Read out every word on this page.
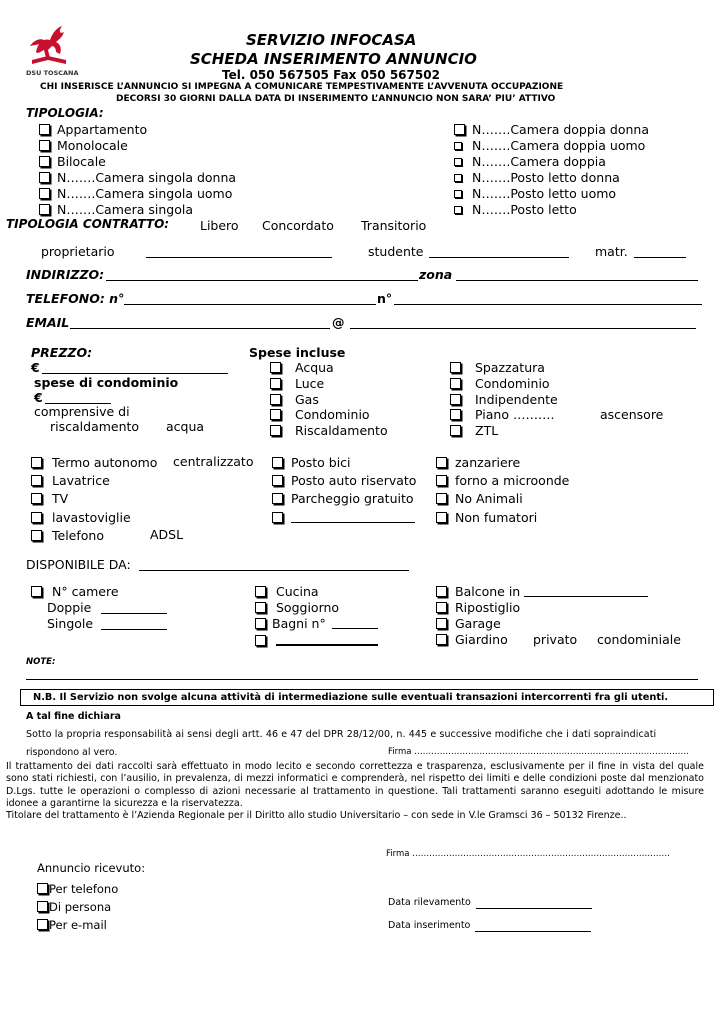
DSU TOSCANA
SERVIZIO INFOCASA
SCHEDA INSERIMENTO ANNUNCIO
Tel. 050 567505 Fax 050 567502
CHI INSERISCE L’ANNUNCIO SI IMPEGNA A COMUNICARE TEMPESTIVAMENTE L’AVVENUTA OCCUPAZIONE
DECORSI 30 GIORNI DALLA DATA DI INSERIMENTO L’ANNUNCIO NON SARA’ PIU’ ATTIVO
TIPOLOGIA:
Appartamento
Monolocale
Bilocale
N…….Camera singola donna
N…….Camera singola uomo
N…….Camera singola
N…….Camera doppia donna
N…….Camera doppia uomo
N…….Camera doppia
N…….Posto letto donna
N…….Posto letto uomo
N…….Posto letto
TIPOLOGIA CONTRATTO: Libero Concordato Transitorio
proprietario	studente	matr.
INDIRIZZO:	zona
TELEFONO: n°	n°
EMAIL	@
PREZZO:
€
spese di condominio
€
comprensive di
riscaldamento acqua
Spese incluse
Acqua
Luce
Gas
Condominio
Riscaldamento
Spazzatura
Condominio
Indipendente
Piano ……….
ZTL
ascensore
Termo autonomo
Lavatrice
TV
lavastoviglie
Telefono
centralizzato
ADSL
Posto bici
Posto auto riservato
Parcheggio gratuito
zanzariere
forno a microonde
No Animali
Non fumatori
DISPONIBILE DA:
N° camere
Doppie
Singole
Cucina
Soggiorno
Bagni n°
Balcone in
Ripostiglio
Garage
Giardino	privato condominiale
NOTE:
N.B. Il Servizio non svolge alcuna attività di intermediazione sulle eventuali transazioni intercorrenti fra gli utenti.
A tal fine dichiara
Sotto la propria responsabilità ai sensi degli artt. 46 e 47 del DPR 28/12/00, n. 445 e successive modifiche che i dati sopraindicati
rispondono al vero.	Firma …………………………………………………………………………………….
Il trattamento dei dati raccolti sarà effettuato in modo lecito e secondo correttezza e trasparenza, esclusivamente per il fine in vista del quale sono stati richiesti, con l’ausilio, in prevalenza, di mezzi informatici e comprenderà, nel rispetto dei limiti e delle condizioni poste dal menzionato D.Lgs. tutte le operazioni o complesso di azioni necessarie al trattamento in questione. Tali trattamenti saranno eseguiti adottando le misure idonee a garantirne la sicurezza e la riservatezza.
Titolare del trattamento è l’Azienda Regionale per il Diritto allo studio Universitario – con sede in V.le Gramsci 36 – 50132 Firenze..
Firma ……………………………………………………………………………….
Annuncio ricevuto:
Per telefono
Di persona
Per e-mail
Data rilevamento
Data inserimento
